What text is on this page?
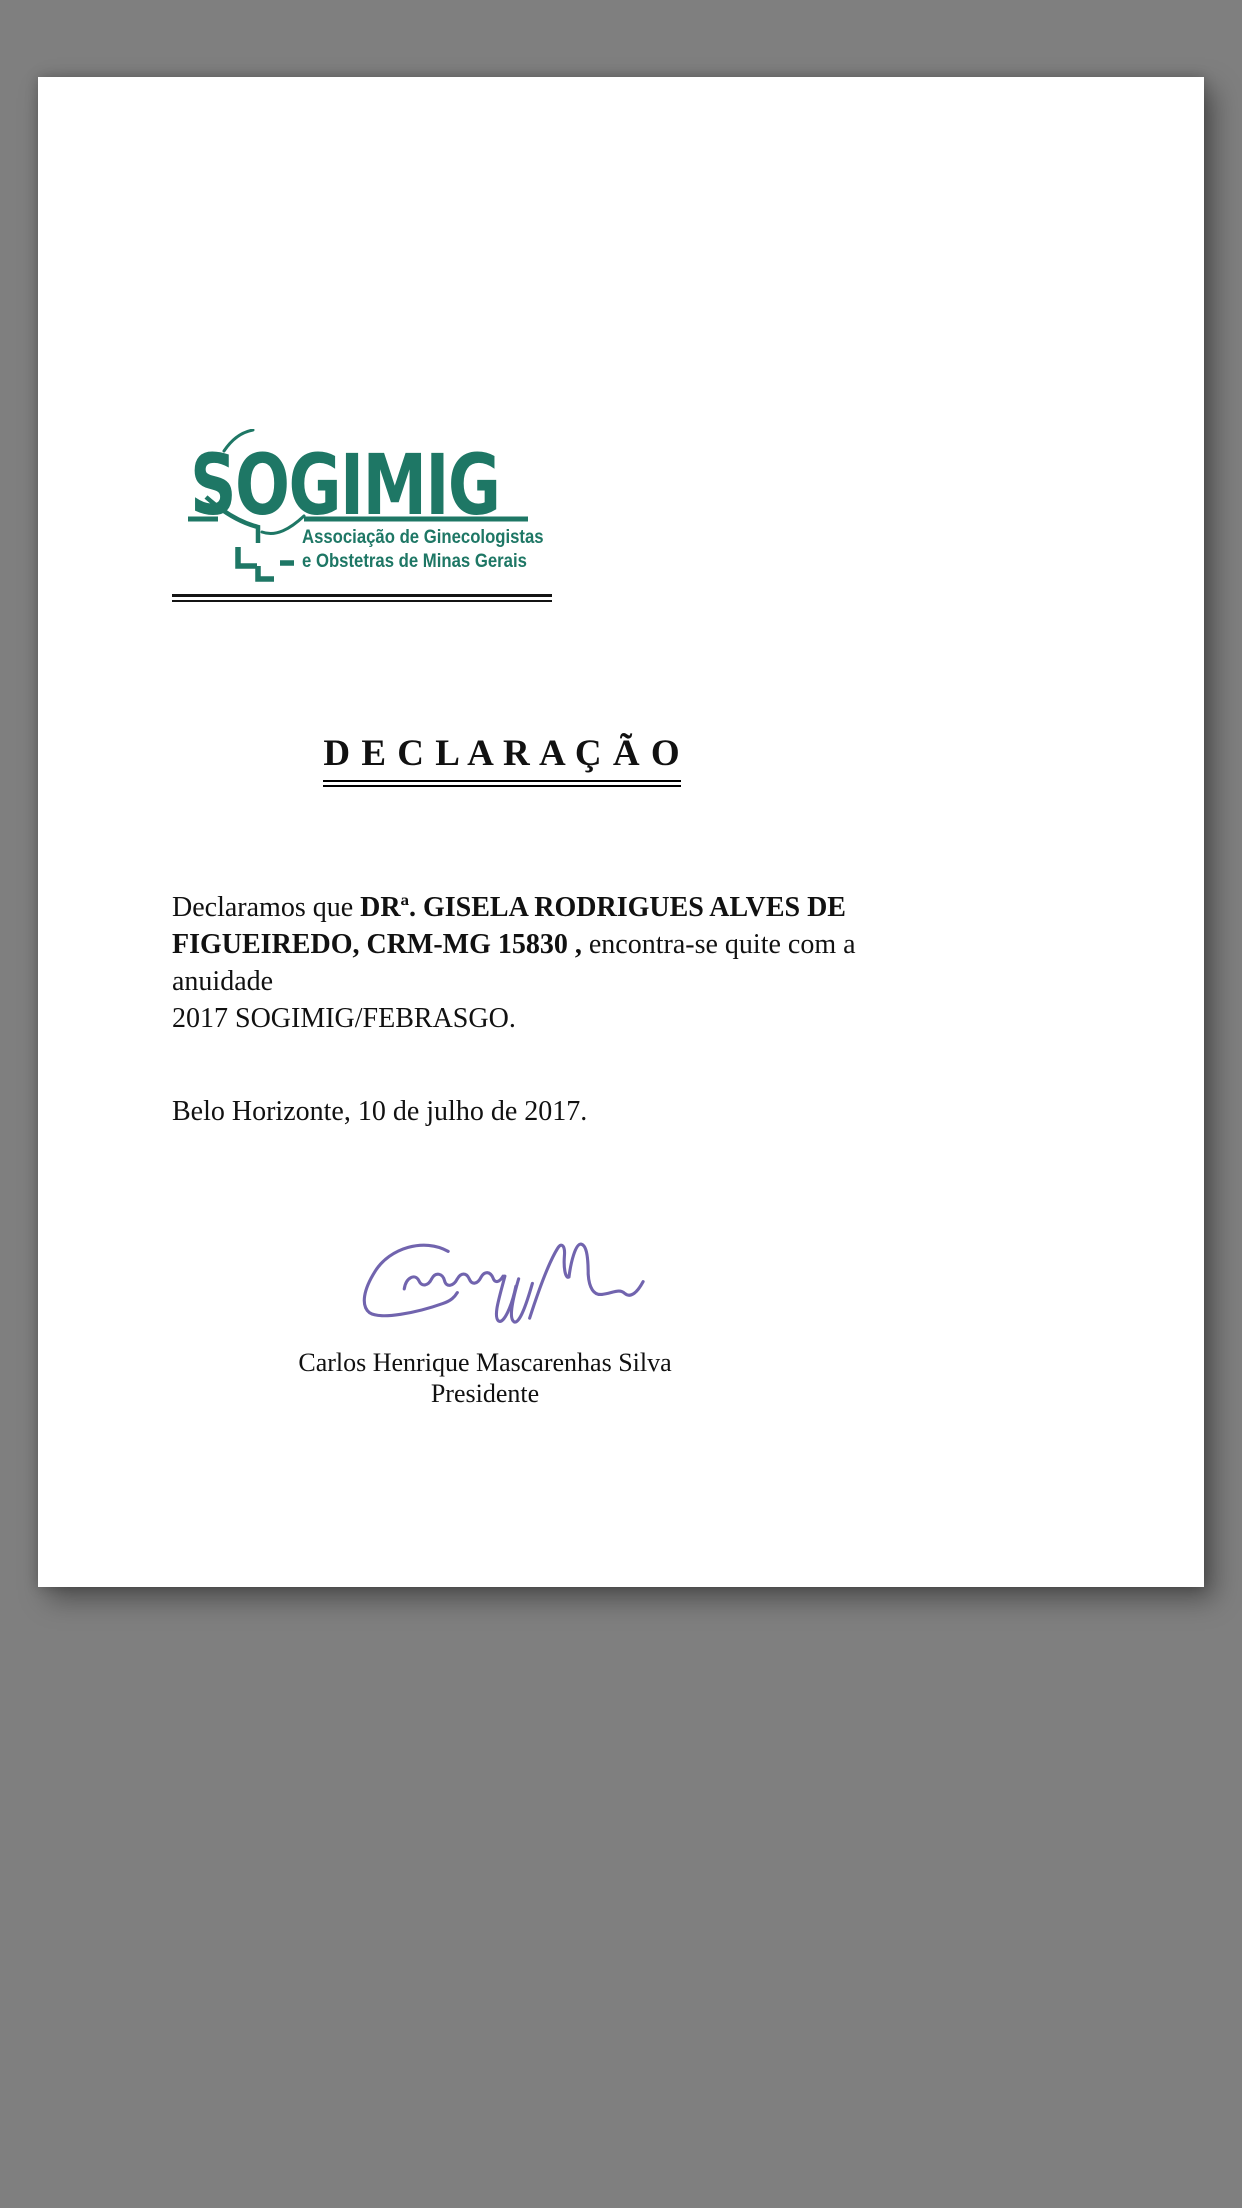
SOGIMIG
Associação de Ginecologistas
e Obstetras de Minas Gerais
D E C L A R A Ç Ã O
Declaramos que DRª. GISELA RODRIGUES ALVES DE
FIGUEIREDO, CRM-MG 15830 , encontra-se quite com a anuidade
2017 SOGIMIG/FEBRASGO.
Belo Horizonte, 10 de julho de 2017.
Carlos Henrique Mascarenhas Silva
Presidente
